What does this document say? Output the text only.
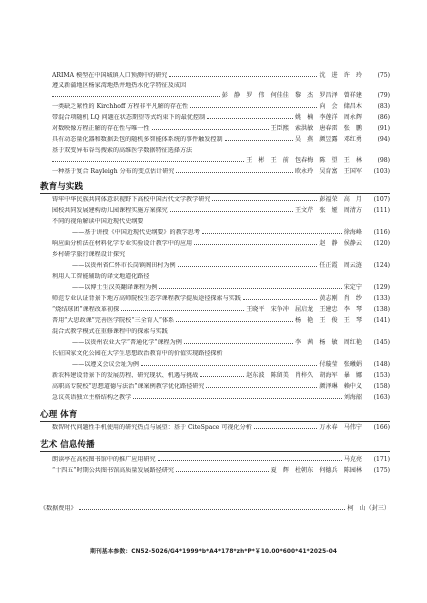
ARIMA 模型在中国城镇人口预测中的研究	沈　进　许　玲	(75)
遵义新蒲地区杨家湾地热井地热水化学特征及成因
彭　静　罗　伟　何佳佳　黎　杰　罗昌泽　曾祥建	(79)
一类缺乏紧性的 Kirchhoff 方程非平凡解的存在性	向　会　储昌木	(83)
带混合项随机 LQ 问题在状态期望等式约束下的最优控制	姚　楠　李莲洋　周永辉	(86)
对数映像方程正解的存在性与唯一性	王臣熙　索洪敏　唐春雷　张　鹏	(91)
具有动态量化器和数据丢包的随机多智能体系统的事件触发控制	吴　燕　颜昱露　邓红勇	(94)
基于双变异布谷鸟搜索的高维医学数据特征选择方法
王　彬　王　前　包春梅　陈　望　王　林	(98)
一种基于复合 Rayleigh 分布的变点估计研究	欧永玲　吴育富　王国军	(103)
教育与实践
铸牢中华民族共同体意识视野下高校中国古代文学教学研究	彭福荣　高　月	(107)
园校共同发展建构幼儿园课程实施方案探究	王文芹　张　娅　周清方	(111)
不同的视角解读中国近现代史纲要
——基于讲授《中国近现代史纲要》的教学思考	徐海峰	(116)
响应面分析法在材料化学专业实验设计教学中的应用	赵　静　侯静云	(120)
乡村研学旅行课程设计探究
——以贵州省仁怀市长岗镇阁田村为例	任正霞　周云涟	(124)
利用人工智能辅助的译文地道化路径
——以博士生汉英翻译课程为例	宋定宁	(129)
师范专业认证背景下地方高师院校生态学课程教学提质途径探索与实践	黄志刚　肖　纱	(133)
“烧结球团”课程改革初探	王晓平　宋争冲　屈启龙　王建忠　李　琴	(138)
普用“大思政课”完善医学院校“三全育人”体系	杨　艳　王　俊　王　琴	(141)
混合式教学模式在重修课程中的探索与实践
——以贵州农业大学“普通化学”课程为例	李　茜　杨　敏　周红艳	(145)
长征国家文化公园在大学生思想政治教育中的价值实现路径探析
——以遵义会议会址为例	付璇莹　张曦娟	(148)
新农科建设背景下的发展历程、研究现状、机遇与挑战	赵东波　陈留美　肖梓久　胡海军　暴　娜	(153)
高职高专院校“思想道德与法治”课案例教学优化路径研究	颜泽琳　赖中义	(158)
急议英语独立主格结构之教学	刘海韶	(163)
心理 体育
数智时代问题性手机使用的研究热点与展望：基于 CiteSpace 可视化分析	万永春　马伟宁	(166)
艺术 信息传播
朗读亭在高校图书馆中的推广应用研究	马克亮	(171)
“十四五”时期公共图书馆高质量发展路径研究	夏　辉　杜朝东　何德兵　陈园林	(175)
《数据费用》	柯　山（封三）
期刊基本参数：CN52-5026/G4*1999*b*A4*178*zh*P*￥10.00*600*41*2025-04
